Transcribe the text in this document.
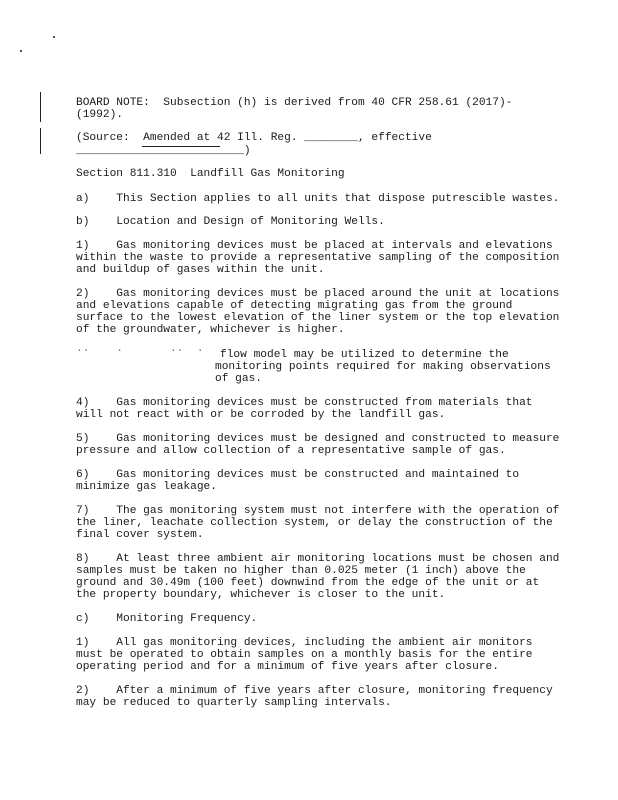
BOARD NOTE:  Subsection (h) is derived from 40 CFR 258.61 (2017)-

(1992).

(Source:  Amended at 42 Ill. Reg. ________, effective

_________________________)

Section 811.310  Landfill Gas Monitoring

a)    This Section applies to all units that dispose putrescible wastes.

b)    Location and Design of Monitoring Wells.

1)    Gas monitoring devices must be placed at intervals and elevations

within the waste to provide a representative sampling of the composition

and buildup of gases within the unit.

2)    Gas monitoring devices must be placed around the unit at locations

and elevations capable of detecting migrating gas from the ground

surface to the lowest elevation of the liner system or the top elevation

of the groundwater, whichever is higher.

..    .       ..  . flow model may be utilized to determine the

monitoring points required for making observations

of gas.

4)    Gas monitoring devices must be constructed from materials that

will not react with or be corroded by the landfill gas.

5)    Gas monitoring devices must be designed and constructed to measure

pressure and allow collection of a representative sample of gas.

6)    Gas monitoring devices must be constructed and maintained to

minimize gas leakage.

7)    The gas monitoring system must not interfere with the operation of

the liner, leachate collection system, or delay the construction of the

final cover system.

8)    At least three ambient air monitoring locations must be chosen and

samples must be taken no higher than 0.025 meter (1 inch) above the

ground and 30.49m (100 feet) downwind from the edge of the unit or at

the property boundary, whichever is closer to the unit.

c)    Monitoring Frequency.

1)    All gas monitoring devices, including the ambient air monitors

must be operated to obtain samples on a monthly basis for the entire

operating period and for a minimum of five years after closure.

2)    After a minimum of five years after closure, monitoring frequency

may be reduced to quarterly sampling intervals.
